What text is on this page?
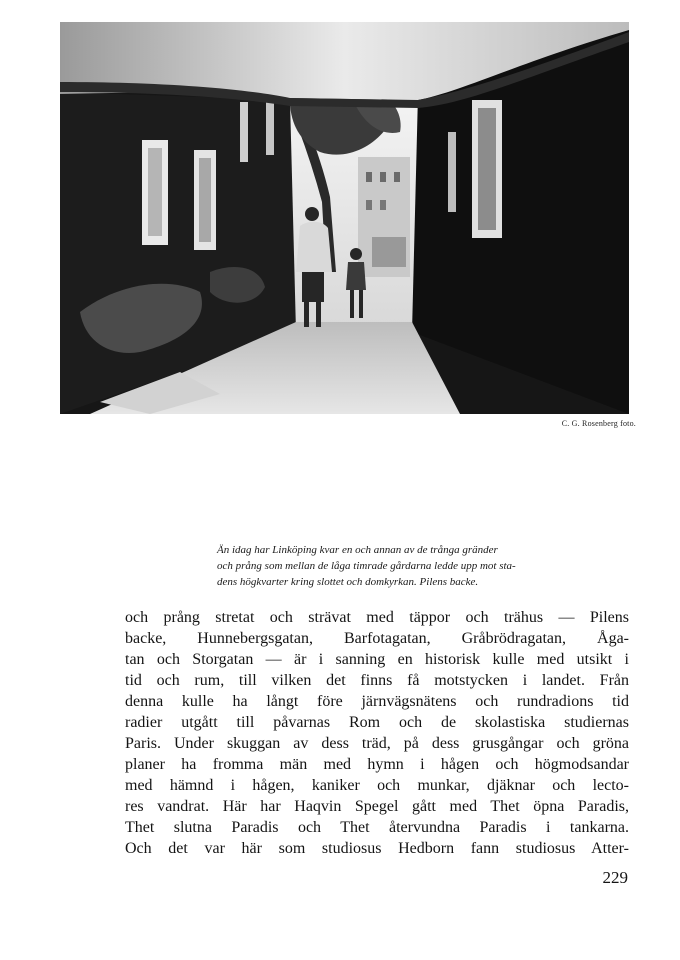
C. G. Rosenberg foto.
Än idag har Linköping kvar en och annan av de trånga gränder
och prång som mellan de låga timrade gårdarna ledde upp mot sta-
dens högkvarter kring slottet och domkyrkan. Pilens backe.
och prång stretat och strävat med täppor och trähus — Pilens
backe, Hunnebergsgatan, Barfotagatan, Gråbrödragatan, Åga-
tan och Storgatan — är i sanning en historisk kulle med utsikt i
tid och rum, till vilken det finns få motstycken i landet. Från
denna kulle ha långt före järnvägsnätens och rundradions tid
radier utgått till påvarnas Rom och de skolastiska studiernas
Paris. Under skuggan av dess träd, på dess grusgångar och gröna
planer ha fromma män med hymn i hågen och högmodsandar
med hämnd i hågen, kaniker och munkar, djäknar och lecto-
res vandrat. Här har Haqvin Spegel gått med Thet öpna Paradis,
Thet slutna Paradis och Thet återvundna Paradis i tankarna.
Och det var här som studiosus Hedborn fann studiosus Atter-
229
